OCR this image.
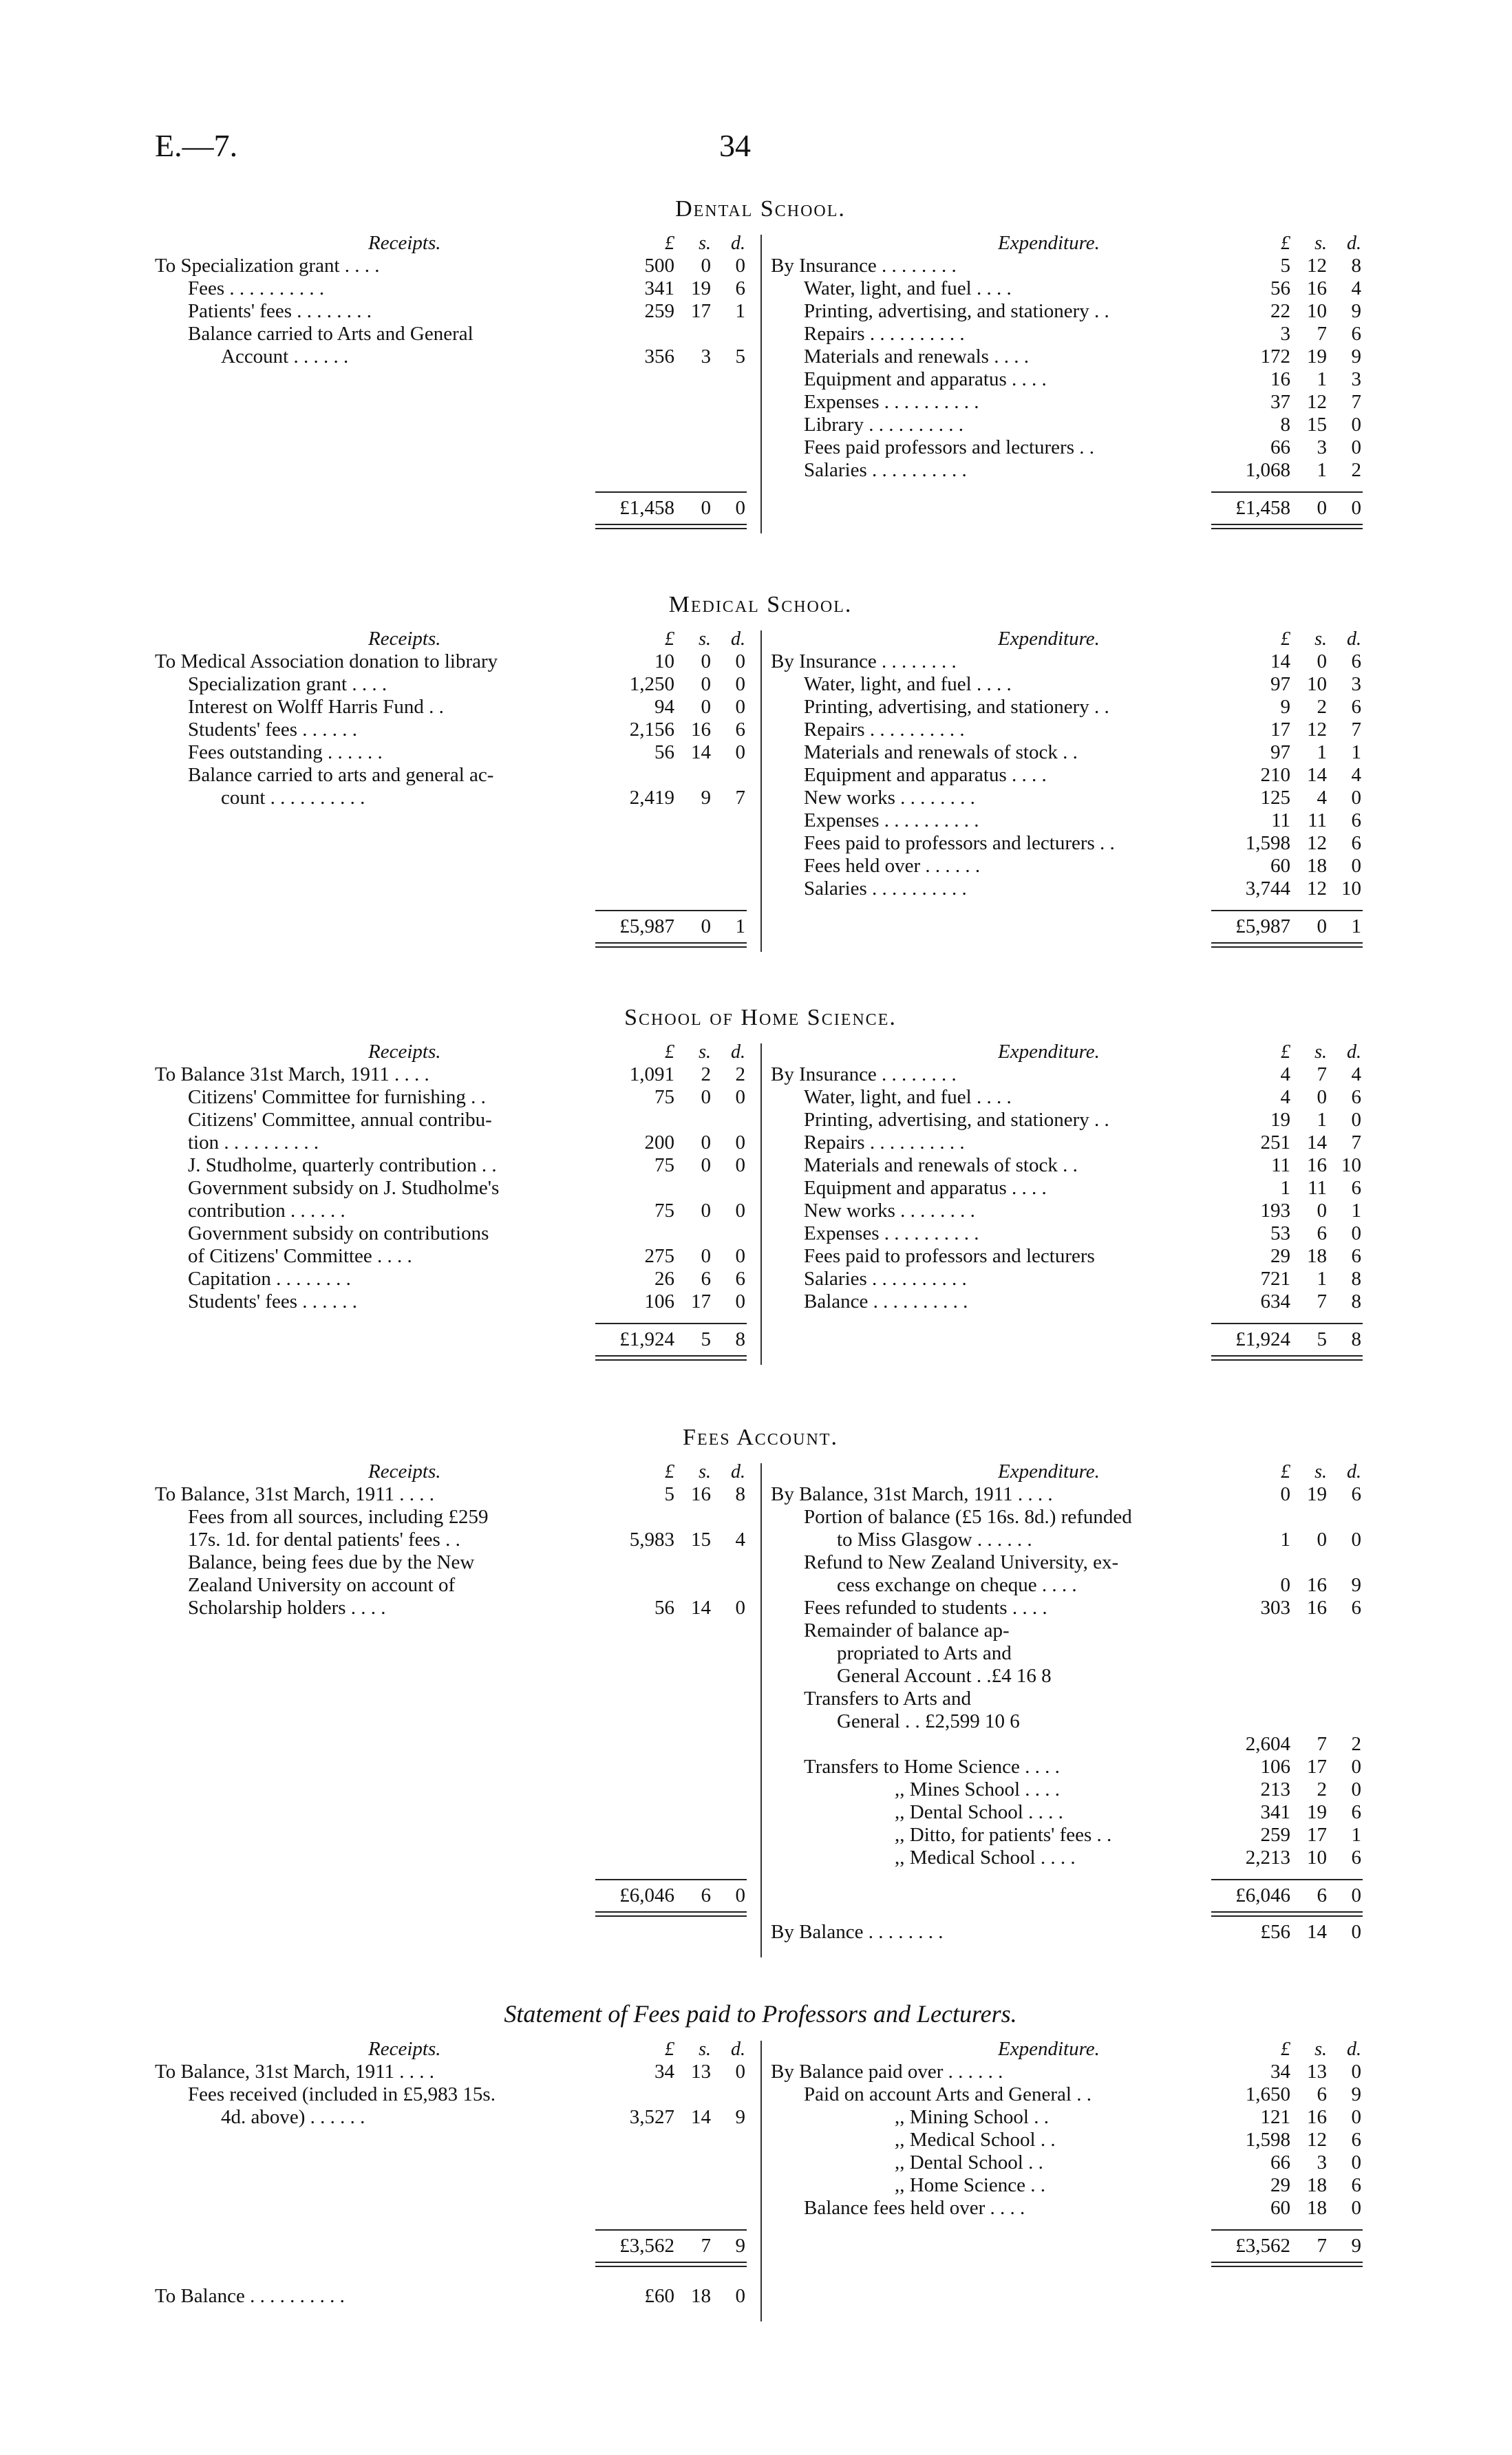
E.—7.	34
Dental School.
Receipts.	£	s.	d.
To Specialization grant . . . .	500	0	0
Fees . . . . . . . . . .	341 19	6
Patients' fees . . . . . . . .	259 17	1
Balance carried to Arts and General
Account . . . . . .	356	3	5
£1,458	0	0
Expenditure.	£	s.	d.
By Insurance . . . . . . . .	5 12	8
Water, light, and fuel . . . .	56 16	4
Printing, advertising, and stationery . .	22 10	9
Repairs . . . . . . . . . .	3	7	6
Materials and renewals . . . .	172 19	9
Equipment and apparatus . . . .	16	1	3
Expenses . . . . . . . . . .	37 12	7
Library . . . . . . . . . .	8 15	0
Fees paid professors and lecturers . .	66	3	0
Salaries . . . . . . . . . .	1,068	1	2
£1,458	0	0
Medical School.
Receipts.	£	s.	d.
To Medical Association donation to library	10	0	0
Specialization grant . . . .	1,250	0	0
Interest on Wolff Harris Fund . .	94	0	0
Students' fees . . . . . .	2,156 16	6
Fees outstanding . . . . . .	56 14	0
Balance carried to arts and general ac-
count . . . . . . . . . .	2,419	9	7
£5,987	0	1
Expenditure.	£	s.	d.
By Insurance . . . . . . . .	14	0	6
Water, light, and fuel . . . .	97 10	3
Printing, advertising, and stationery . .	9	2	6
Repairs . . . . . . . . . .	17 12	7
Materials and renewals of stock . .	97	1	1
Equipment and apparatus . . . .	210 14	4
New works . . . . . . . .	125	4	0
Expenses . . . . . . . . . .	11 11	6
Fees paid to professors and lecturers . .	1,598 12	6
Fees held over . . . . . .	60 18	0
Salaries . . . . . . . . . .	3,744 12 10
£5,987	0	1
School of Home Science.
Receipts.	£	s.	d.
To Balance 31st March, 1911 . . . .	1,091	2	2
Citizens' Committee for furnishing . .	75	0	0
Citizens' Committee, annual contribu-
tion . . . . . . . . . .	200	0	0
J. Studholme, quarterly contribution . .	75	0	0
Government subsidy on J. Studholme's
contribution . . . . . .	75	0	0
Government subsidy on contributions
of Citizens' Committee . . . .	275	0	0
Capitation . . . . . . . .	26	6	6
Students' fees . . . . . .	106 17	0
£1,924	5	8
Expenditure.	£	s.	d.
By Insurance . . . . . . . .	4	7	4
Water, light, and fuel . . . .	4	0	6
Printing, advertising, and stationery . .	19	1	0
Repairs . . . . . . . . . .	251 14	7
Materials and renewals of stock . .	11 16 10
Equipment and apparatus . . . .	1 11	6
New works . . . . . . . .	193	0	1
Expenses . . . . . . . . . .	53	6	0
Fees paid to professors and lecturers	29 18	6
Salaries . . . . . . . . . .	721	1	8
Balance . . . . . . . . . .	634	7	8
£1,924	5	8
Fees Account.
Receipts.	£	s.	d.
To Balance, 31st March, 1911 . . . .	5 16	8
Fees from all sources, including £259
17s. 1d. for dental patients' fees . .	5,983 15	4
Balance, being fees due by the New
Zealand University on account of
Scholarship holders . . . .	56 14	0
£6,046	6	0
Expenditure.	£	s.	d.
By Balance, 31st March, 1911 . . . .	0 19	6
Portion of balance (£5 16s. 8d.) refunded
to Miss Glasgow . . . . . .	1	0	0
Refund to New Zealand University, ex-
cess exchange on cheque . . . .	0 16	9
Fees refunded to students . . . .	303 16	6
Remainder of balance ap-
propriated to Arts and
General Account . .£4 16 8
Transfers to Arts and
General . . £2,599 10 6
2,604	7	2
Transfers to Home Science . . . .	106 17	0
,, Mines School . . . .	213	2	0
,, Dental School . . . .	341 19	6
,, Ditto, for patients' fees . .	259 17	1
,, Medical School . . . .	2,213 10	6
£6,046	6	0
By Balance . . . . . . . .	£56 14	0
Statement of Fees paid to Professors and Lecturers.
Receipts.	£	s.	d.
To Balance, 31st March, 1911 . . . .	34 13	0
Fees received (included in £5,983 15s.
4d. above) . . . . . .	3,527 14	9
£3,562	7	9
To Balance . . . . . . . . . .	£60 18	0
Expenditure.	£	s.	d.
By Balance paid over . . . . . .	34 13	0
Paid on account Arts and General . .	1,650	6	9
,, Mining School . .	121 16	0
,, Medical School . .	1,598 12	6
,, Dental School . .	66	3	0
,, Home Science . .	29 18	6
Balance fees held over . . . .	60 18	0
£3,562	7	9
